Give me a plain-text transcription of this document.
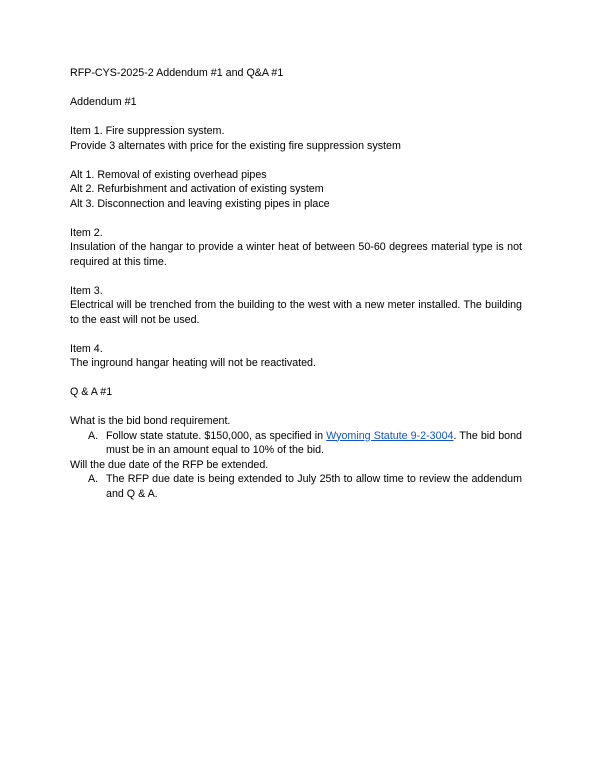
RFP-CYS-2025-2 Addendum #1 and Q&A #1
Addendum #1
Item 1. Fire suppression system.
Provide 3 alternates with price for the existing fire suppression system
Alt 1. Removal of existing overhead pipes
Alt 2. Refurbishment and activation of existing system
Alt 3. Disconnection and leaving existing pipes in place
Item 2.
Insulation of the hangar to provide a winter heat of between 50-60 degrees material type is not required at this time.
Item 3.
Electrical will be trenched from the building to the west with a new meter installed. The building to the east will not be used.
Item 4.
The inground hangar heating will not be reactivated.
Q & A #1
What is the bid bond requirement.
A. Follow state statute. $150,000, as specified in Wyoming Statute 9-2-3004. The bid bond must be in an amount equal to 10% of the bid.
Will the due date of the RFP be extended.
A. The RFP due date is being extended to July 25th to allow time to review the addendum and Q & A.
